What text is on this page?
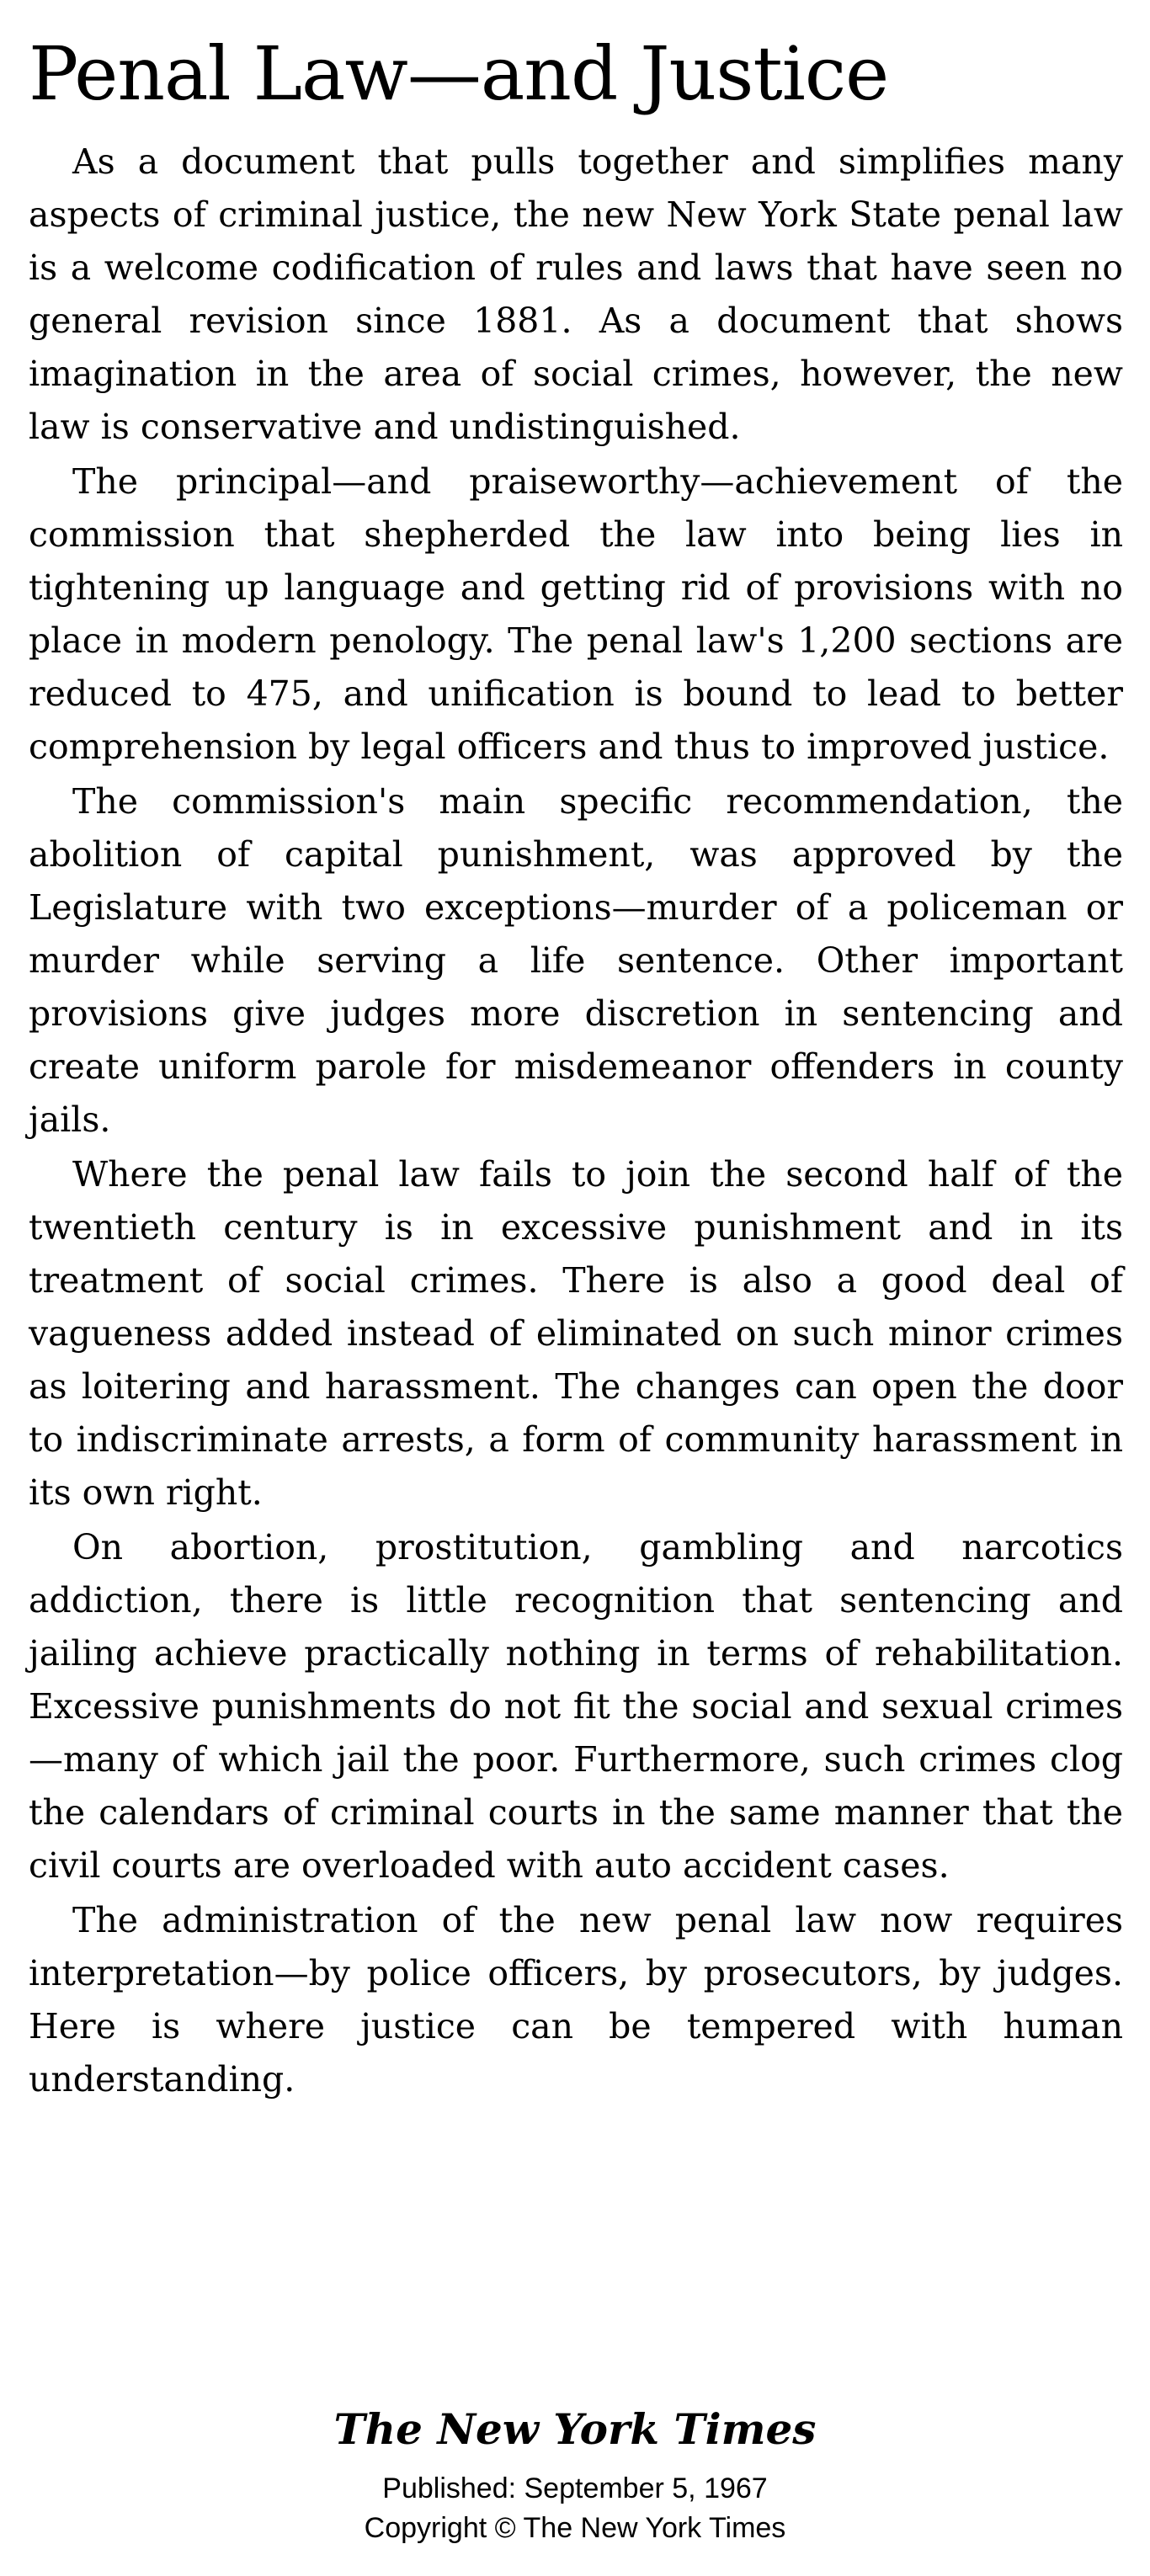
Penal Law—and Justice

As a document that pulls together and simplifies many aspects of criminal justice, the new New York State penal law is a welcome codification of rules and laws that have seen no general revision since 1881. As a document that shows imagination in the area of social crimes, however, the new law is conservative and undistinguished.

The principal—and praiseworthy—achievement of the commission that shepherded the law into being lies in tightening up language and getting rid of provisions with no place in modern penology. The penal law's 1,200 sections are reduced to 475, and unification is bound to lead to better comprehension by legal officers and thus to improved justice.

The commission's main specific recommendation, the abolition of capital punishment, was approved by the Legislature with two exceptions—murder of a policeman or murder while serving a life sentence. Other important provisions give judges more discretion in sentencing and create uniform parole for misdemeanor offenders in county jails.

Where the penal law fails to join the second half of the twentieth century is in excessive punishment and in its treatment of social crimes. There is also a good deal of vagueness added instead of eliminated on such minor crimes as loitering and harassment. The changes can open the door to indiscriminate arrests, a form of community harassment in its own right.

On abortion, prostitution, gambling and narcotics addiction, there is little recognition that sentencing and jailing achieve practically nothing in terms of rehabilitation. Excessive punishments do not fit the social and sexual crimes—many of which jail the poor. Furthermore, such crimes clog the calendars of criminal courts in the same manner that the civil courts are overloaded with auto accident cases.

The administration of the new penal law now requires interpretation—by police officers, by prosecutors, by judges. Here is where justice can be tempered with human understanding.

The New York Times
Published: September 5, 1967
Copyright © The New York Times
